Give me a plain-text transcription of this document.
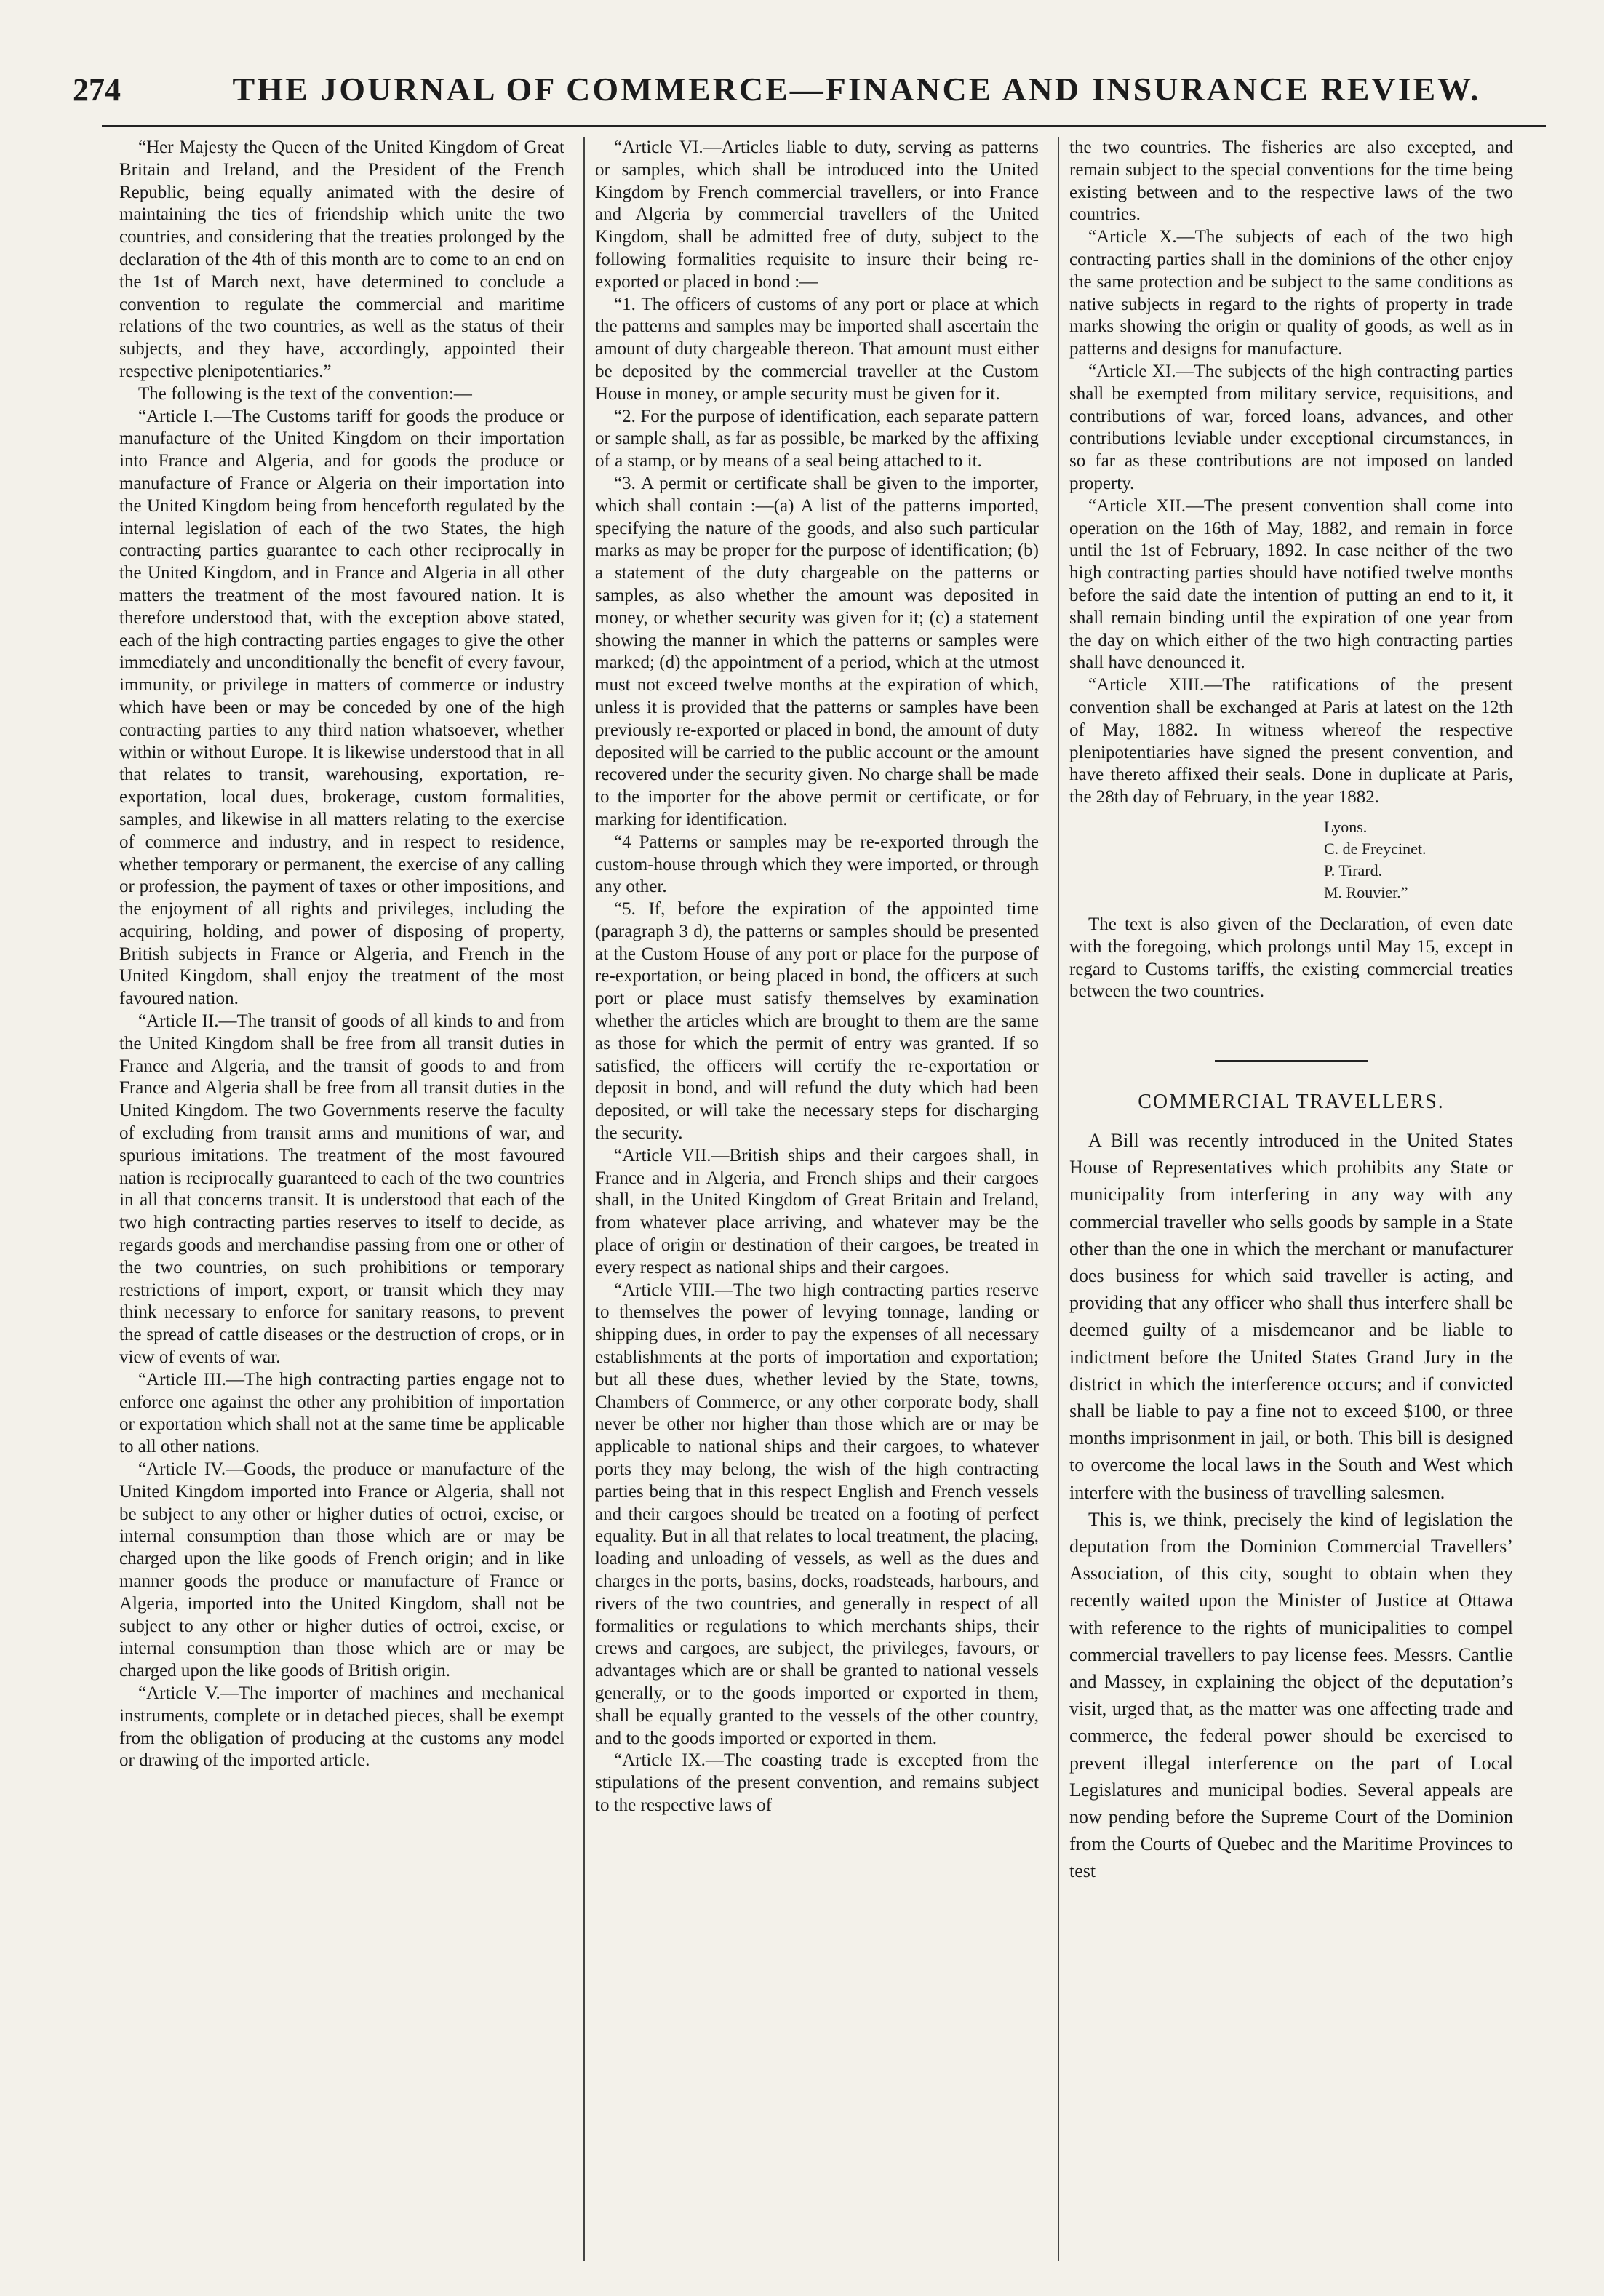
274	THE JOURNAL OF COMMERCE—FINANCE AND INSURANCE REVIEW.

“Her Majesty the Queen of the United Kingdom of Great Britain and Ireland, and the President of the French Republic, being equally animated with the desire of maintaining the ties of friendship which unite the two countries, and considering that the treaties prolonged by the declaration of the 4th of this month are to come to an end on the 1st of March next, have determined to conclude a convention to regulate the commercial and maritime relations of the two countries, as well as the status of their subjects, and they have, accordingly, appointed their respective plenipotentiaries.”

The following is the text of the convention:—

“Article I.—The Customs tariff for goods the produce or manufacture of the United Kingdom on their importation into France and Algeria, and for goods the produce or manufacture of France or Algeria on their importation into the United Kingdom being from henceforth regulated by the internal legislation of each of the two States, the high contracting parties guarantee to each other reciprocally in the United Kingdom, and in France and Algeria in all other matters the treatment of the most favoured nation. It is therefore understood that, with the exception above stated, each of the high contracting parties engages to give the other immediately and unconditionally the benefit of every favour, immunity, or privilege in matters of commerce or industry which have been or may be conceded by one of the high contracting parties to any third nation whatsoever, whether within or without Europe. It is likewise understood that in all that relates to transit, warehousing, exportation, re-exportation, local dues, brokerage, custom formalities, samples, and likewise in all matters relating to the exercise of commerce and industry, and in respect to residence, whether temporary or permanent, the exercise of any calling or profession, the payment of taxes or other impositions, and the enjoyment of all rights and privileges, including the acquiring, holding, and power of disposing of property, British subjects in France or Algeria, and French in the United Kingdom, shall enjoy the treatment of the most favoured nation.

“Article II.—The transit of goods of all kinds to and from the United Kingdom shall be free from all transit duties in France and Algeria, and the transit of goods to and from France and Algeria shall be free from all transit duties in the United Kingdom. The two Governments reserve the faculty of excluding from transit arms and munitions of war, and spurious imitations. The treatment of the most favoured nation is reciprocally guaranteed to each of the two countries in all that concerns transit. It is understood that each of the two high contracting parties reserves to itself to decide, as regards goods and merchandise passing from one or other of the two countries, on such prohibitions or temporary restrictions of import, export, or transit which they may think necessary to enforce for sanitary reasons, to prevent the spread of cattle diseases or the destruction of crops, or in view of events of war.

“Article III.—The high contracting parties engage not to enforce one against the other any prohibition of importation or exportation which shall not at the same time be applicable to all other nations.

“Article IV.—Goods, the produce or manufacture of the United Kingdom imported into France or Algeria, shall not be subject to any other or higher duties of octroi, excise, or internal consumption than those which are or may be charged upon the like goods of French origin; and in like manner goods the produce or manufacture of France or Algeria, imported into the United Kingdom, shall not be subject to any other or higher duties of octroi, excise, or internal consumption than those which are or may be charged upon the like goods of British origin.

“Article V.—The importer of machines and mechanical instruments, complete or in detached pieces, shall be exempt from the obligation of producing at the customs any model or drawing of the imported article.

“Article VI.—Articles liable to duty, serving as patterns or samples, which shall be introduced into the United Kingdom by French commercial travellers, or into France and Algeria by commercial travellers of the United Kingdom, shall be admitted free of duty, subject to the following formalities requisite to insure their being re-exported or placed in bond :—

“1. The officers of customs of any port or place at which the patterns and samples may be imported shall ascertain the amount of duty chargeable thereon. That amount must either be deposited by the commercial traveller at the Custom House in money, or ample security must be given for it.

“2. For the purpose of identification, each separate pattern or sample shall, as far as possible, be marked by the affixing of a stamp, or by means of a seal being attached to it.

“3. A permit or certificate shall be given to the importer, which shall contain :—(a) A list of the patterns imported, specifying the nature of the goods, and also such particular marks as may be proper for the purpose of identification; (b) a statement of the duty chargeable on the patterns or samples, as also whether the amount was deposited in money, or whether security was given for it; (c) a statement showing the manner in which the patterns or samples were marked; (d) the appointment of a period, which at the utmost must not exceed twelve months at the expiration of which, unless it is provided that the patterns or samples have been previously re-exported or placed in bond, the amount of duty deposited will be carried to the public account or the amount recovered under the security given. No charge shall be made to the importer for the above permit or certificate, or for marking for identification.

“4 Patterns or samples may be re-exported through the custom-house through which they were imported, or through any other.

“5. If, before the expiration of the appointed time (paragraph 3 d), the patterns or samples should be presented at the Custom House of any port or place for the purpose of re-exportation, or being placed in bond, the officers at such port or place must satisfy themselves by examination whether the articles which are brought to them are the same as those for which the permit of entry was granted. If so satisfied, the officers will certify the re-exportation or deposit in bond, and will refund the duty which had been deposited, or will take the necessary steps for discharging the security.

“Article VII.—British ships and their cargoes shall, in France and in Algeria, and French ships and their cargoes shall, in the United Kingdom of Great Britain and Ireland, from whatever place arriving, and whatever may be the place of origin or destination of their cargoes, be treated in every respect as national ships and their cargoes.

“Article VIII.—The two high contracting parties reserve to themselves the power of levying tonnage, landing or shipping dues, in order to pay the expenses of all necessary establishments at the ports of importation and exportation; but all these dues, whether levied by the State, towns, Chambers of Commerce, or any other corporate body, shall never be other nor higher than those which are or may be applicable to national ships and their cargoes, to whatever ports they may belong, the wish of the high contracting parties being that in this respect English and French vessels and their cargoes should be treated on a footing of perfect equality. But in all that relates to local treatment, the placing, loading and unloading of vessels, as well as the dues and charges in the ports, basins, docks, roadsteads, harbours, and rivers of the two countries, and generally in respect of all formalities or regulations to which merchants ships, their crews and cargoes, are subject, the privileges, favours, or advantages which are or shall be granted to national vessels generally, or to the goods imported or exported in them, shall be equally granted to the vessels of the other country, and to the goods imported or exported in them.

“Article IX.—The coasting trade is excepted from the stipulations of the present convention, and remains subject to the respective laws of

the two countries. The fisheries are also excepted, and remain subject to the special conventions for the time being existing between and to the respective laws of the two countries.

“Article X.—The subjects of each of the two high contracting parties shall in the dominions of the other enjoy the same protection and be subject to the same conditions as native subjects in regard to the rights of property in trade marks showing the origin or quality of goods, as well as in patterns and designs for manufacture.

“Article XI.—The subjects of the high contracting parties shall be exempted from military service, requisitions, and contributions of war, forced loans, advances, and other contributions leviable under exceptional circumstances, in so far as these contributions are not imposed on landed property.

“Article XII.—The present convention shall come into operation on the 16th of May, 1882, and remain in force until the 1st of February, 1892. In case neither of the two high contracting parties should have notified twelve months before the said date the intention of putting an end to it, it shall remain binding until the expiration of one year from the day on which either of the two high contracting parties shall have denounced it.

“Article XIII.—The ratifications of the present convention shall be exchanged at Paris at latest on the 12th of May, 1882. In witness whereof the respective plenipotentiaries have signed the present convention, and have thereto affixed their seals. Done in duplicate at Paris, the 28th day of February, in the year 1882.

Lyons.
C. de Freycinet.
P. Tirard.
M. Rouvier.”

The text is also given of the Declaration, of even date with the foregoing, which prolongs until May 15, except in regard to Customs tariffs, the existing commercial treaties between the two countries.

COMMERCIAL TRAVELLERS.

A Bill was recently introduced in the United States House of Representatives which prohibits any State or municipality from interfering in any way with any commercial traveller who sells goods by sample in a State other than the one in which the merchant or manufacturer does business for which said traveller is acting, and providing that any officer who shall thus interfere shall be deemed guilty of a misdemeanor and be liable to indictment before the United States Grand Jury in the district in which the interference occurs; and if convicted shall be liable to pay a fine not to exceed $100, or three months imprisonment in jail, or both. This bill is designed to overcome the local laws in the South and West which interfere with the business of travelling salesmen.

This is, we think, precisely the kind of legislation the deputation from the Dominion Commercial Travellers’ Association, of this city, sought to obtain when they recently waited upon the Minister of Justice at Ottawa with reference to the rights of municipalities to compel commercial travellers to pay license fees. Messrs. Cantlie and Massey, in explaining the object of the deputation’s visit, urged that, as the matter was one affecting trade and commerce, the federal power should be exercised to prevent illegal interference on the part of Local Legislatures and municipal bodies. Several appeals are now pending before the Supreme Court of the Dominion from the Courts of Quebec and the Maritime Provinces to test
